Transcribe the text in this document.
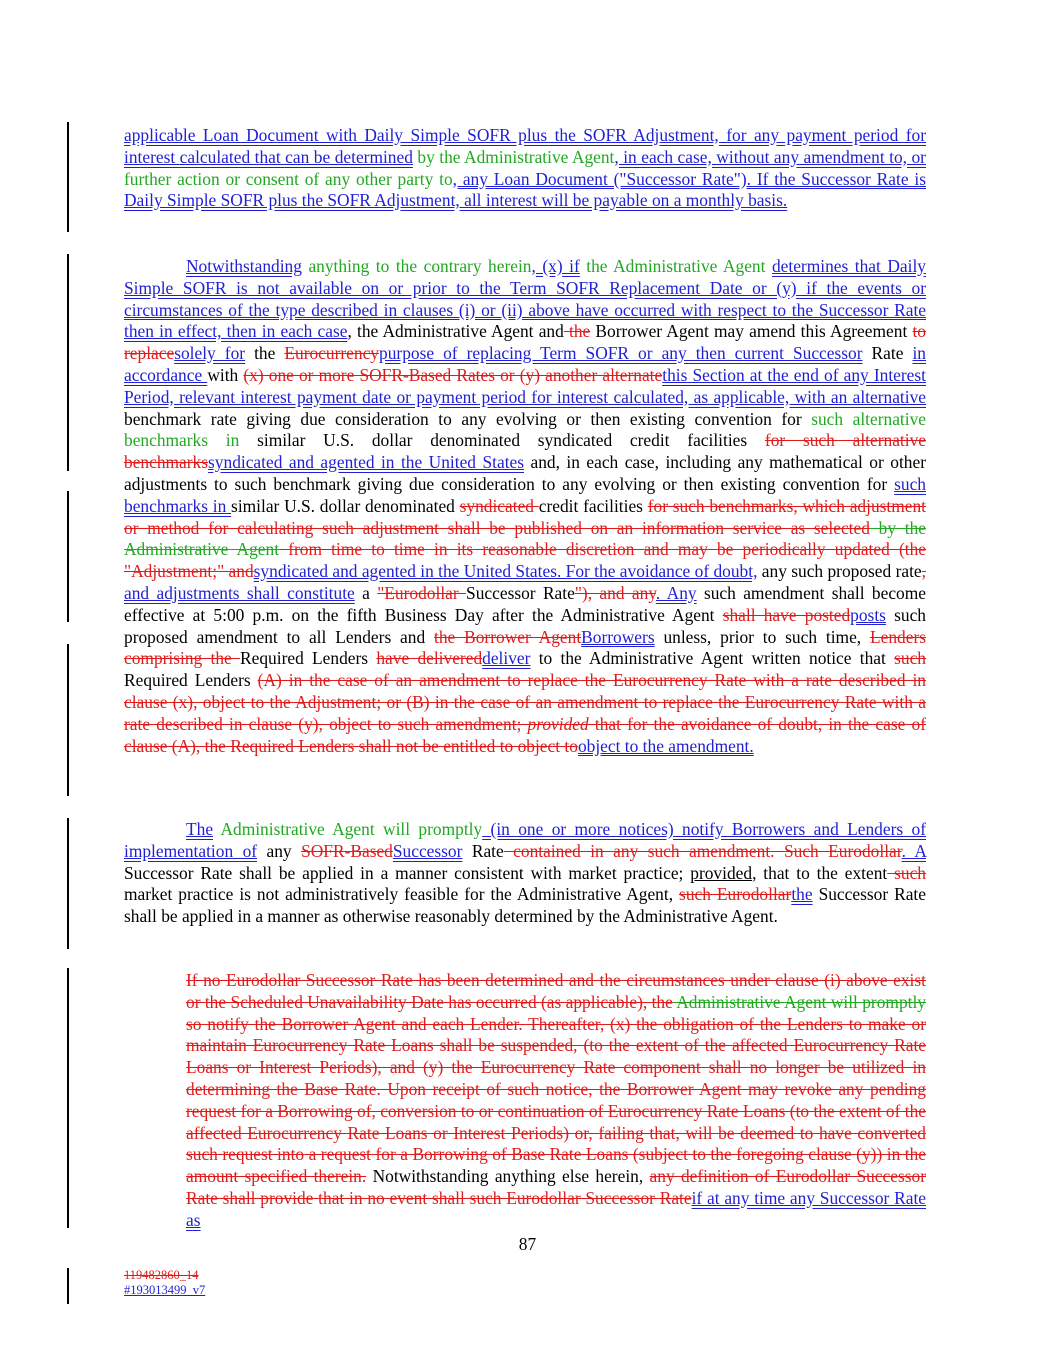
applicable Loan Document with Daily Simple SOFR plus the SOFR Adjustment, for any payment period for interest calculated that can be determined by the Administrative Agent, in each case, without any amendment to, or further action or consent of any other party to, any Loan Document ("Successor Rate"). If the Successor Rate is Daily Simple SOFR plus the SOFR Adjustment, all interest will be payable on a monthly basis.

Notwithstanding anything to the contrary herein, (x) if the Administrative Agent determines that Daily Simple SOFR is not available on or prior to the Term SOFR Replacement Date or (y) if the events or circumstances of the type described in clauses (i) or (ii) above have occurred with respect to the Successor Rate then in effect, then in each case, the Administrative Agent and the Borrower Agent may amend this Agreement to replacesolely for the Eurocurrencypurpose of replacing Term SOFR or any then current Successor Rate in accordance with (x) one or more SOFR-Based Rates or (y) another alternatethis Section at the end of any Interest Period, relevant interest payment date or payment period for interest calculated, as applicable, with an alternative benchmark rate giving due consideration to any evolving or then existing convention for such alternative benchmarks in similar U.S. dollar denominated syndicated credit facilities for such alternative benchmarkssyndicated and agented in the United States and, in each case, including any mathematical or other adjustments to such benchmark giving due consideration to any evolving or then existing convention for such benchmarks in similar U.S. dollar denominated syndicated credit facilities for such benchmarks, which adjustment or method for calculating such adjustment shall be published on an information service as selected by the Administrative Agent from time to time in its reasonable discretion and may be periodically updated (the "Adjustment;" andsyndicated and agented in the United States. For the avoidance of doubt, any such proposed rate, and adjustments shall constitute a "Eurodollar Successor Rate"), and any. Any such amendment shall become effective at 5:00 p.m. on the fifth Business Day after the Administrative Agent shall have postedposts such proposed amendment to all Lenders and the Borrower AgentBorrowers unless, prior to such time, Lenders comprising the Required Lenders have delivereddeliver to the Administrative Agent written notice that such Required Lenders (A) in the case of an amendment to replace the Eurocurrency Rate with a rate described in clause (x), object to the Adjustment; or (B) in the case of an amendment to replace the Eurocurrency Rate with a rate described in clause (y), object to such amendment; provided that for the avoidance of doubt, in the case of clause (A), the Required Lenders shall not be entitled to object toobject to the amendment.

The Administrative Agent will promptly (in one or more notices) notify Borrowers and Lenders of implementation of any SOFR-BasedSuccessor Rate contained in any such amendment. Such Eurodollar. A Successor Rate shall be applied in a manner consistent with market practice; provided, that to the extent such market practice is not administratively feasible for the Administrative Agent, such Eurodollarthe Successor Rate shall be applied in a manner as otherwise reasonably determined by the Administrative Agent.

If no Eurodollar Successor Rate has been determined and the circumstances under clause (i) above exist or the Scheduled Unavailability Date has occurred (as applicable), the Administrative Agent will promptly so notify the Borrower Agent and each Lender. Thereafter, (x) the obligation of the Lenders to make or maintain Eurocurrency Rate Loans shall be suspended, (to the extent of the affected Eurocurrency Rate Loans or Interest Periods), and (y) the Eurocurrency Rate component shall no longer be utilized in determining the Base Rate. Upon receipt of such notice, the Borrower Agent may revoke any pending request for a Borrowing of, conversion to or continuation of Eurocurrency Rate Loans (to the extent of the affected Eurocurrency Rate Loans or Interest Periods) or, failing that, will be deemed to have converted such request into a request for a Borrowing of Base Rate Loans (subject to the foregoing clause (y)) in the amount specified therein. Notwithstanding anything else herein, any definition of Eurodollar Successor Rate shall provide that in no event shall such Eurodollar Successor Rateif at any time any Successor Rate as

87
119482860_14
#193013499_v7
